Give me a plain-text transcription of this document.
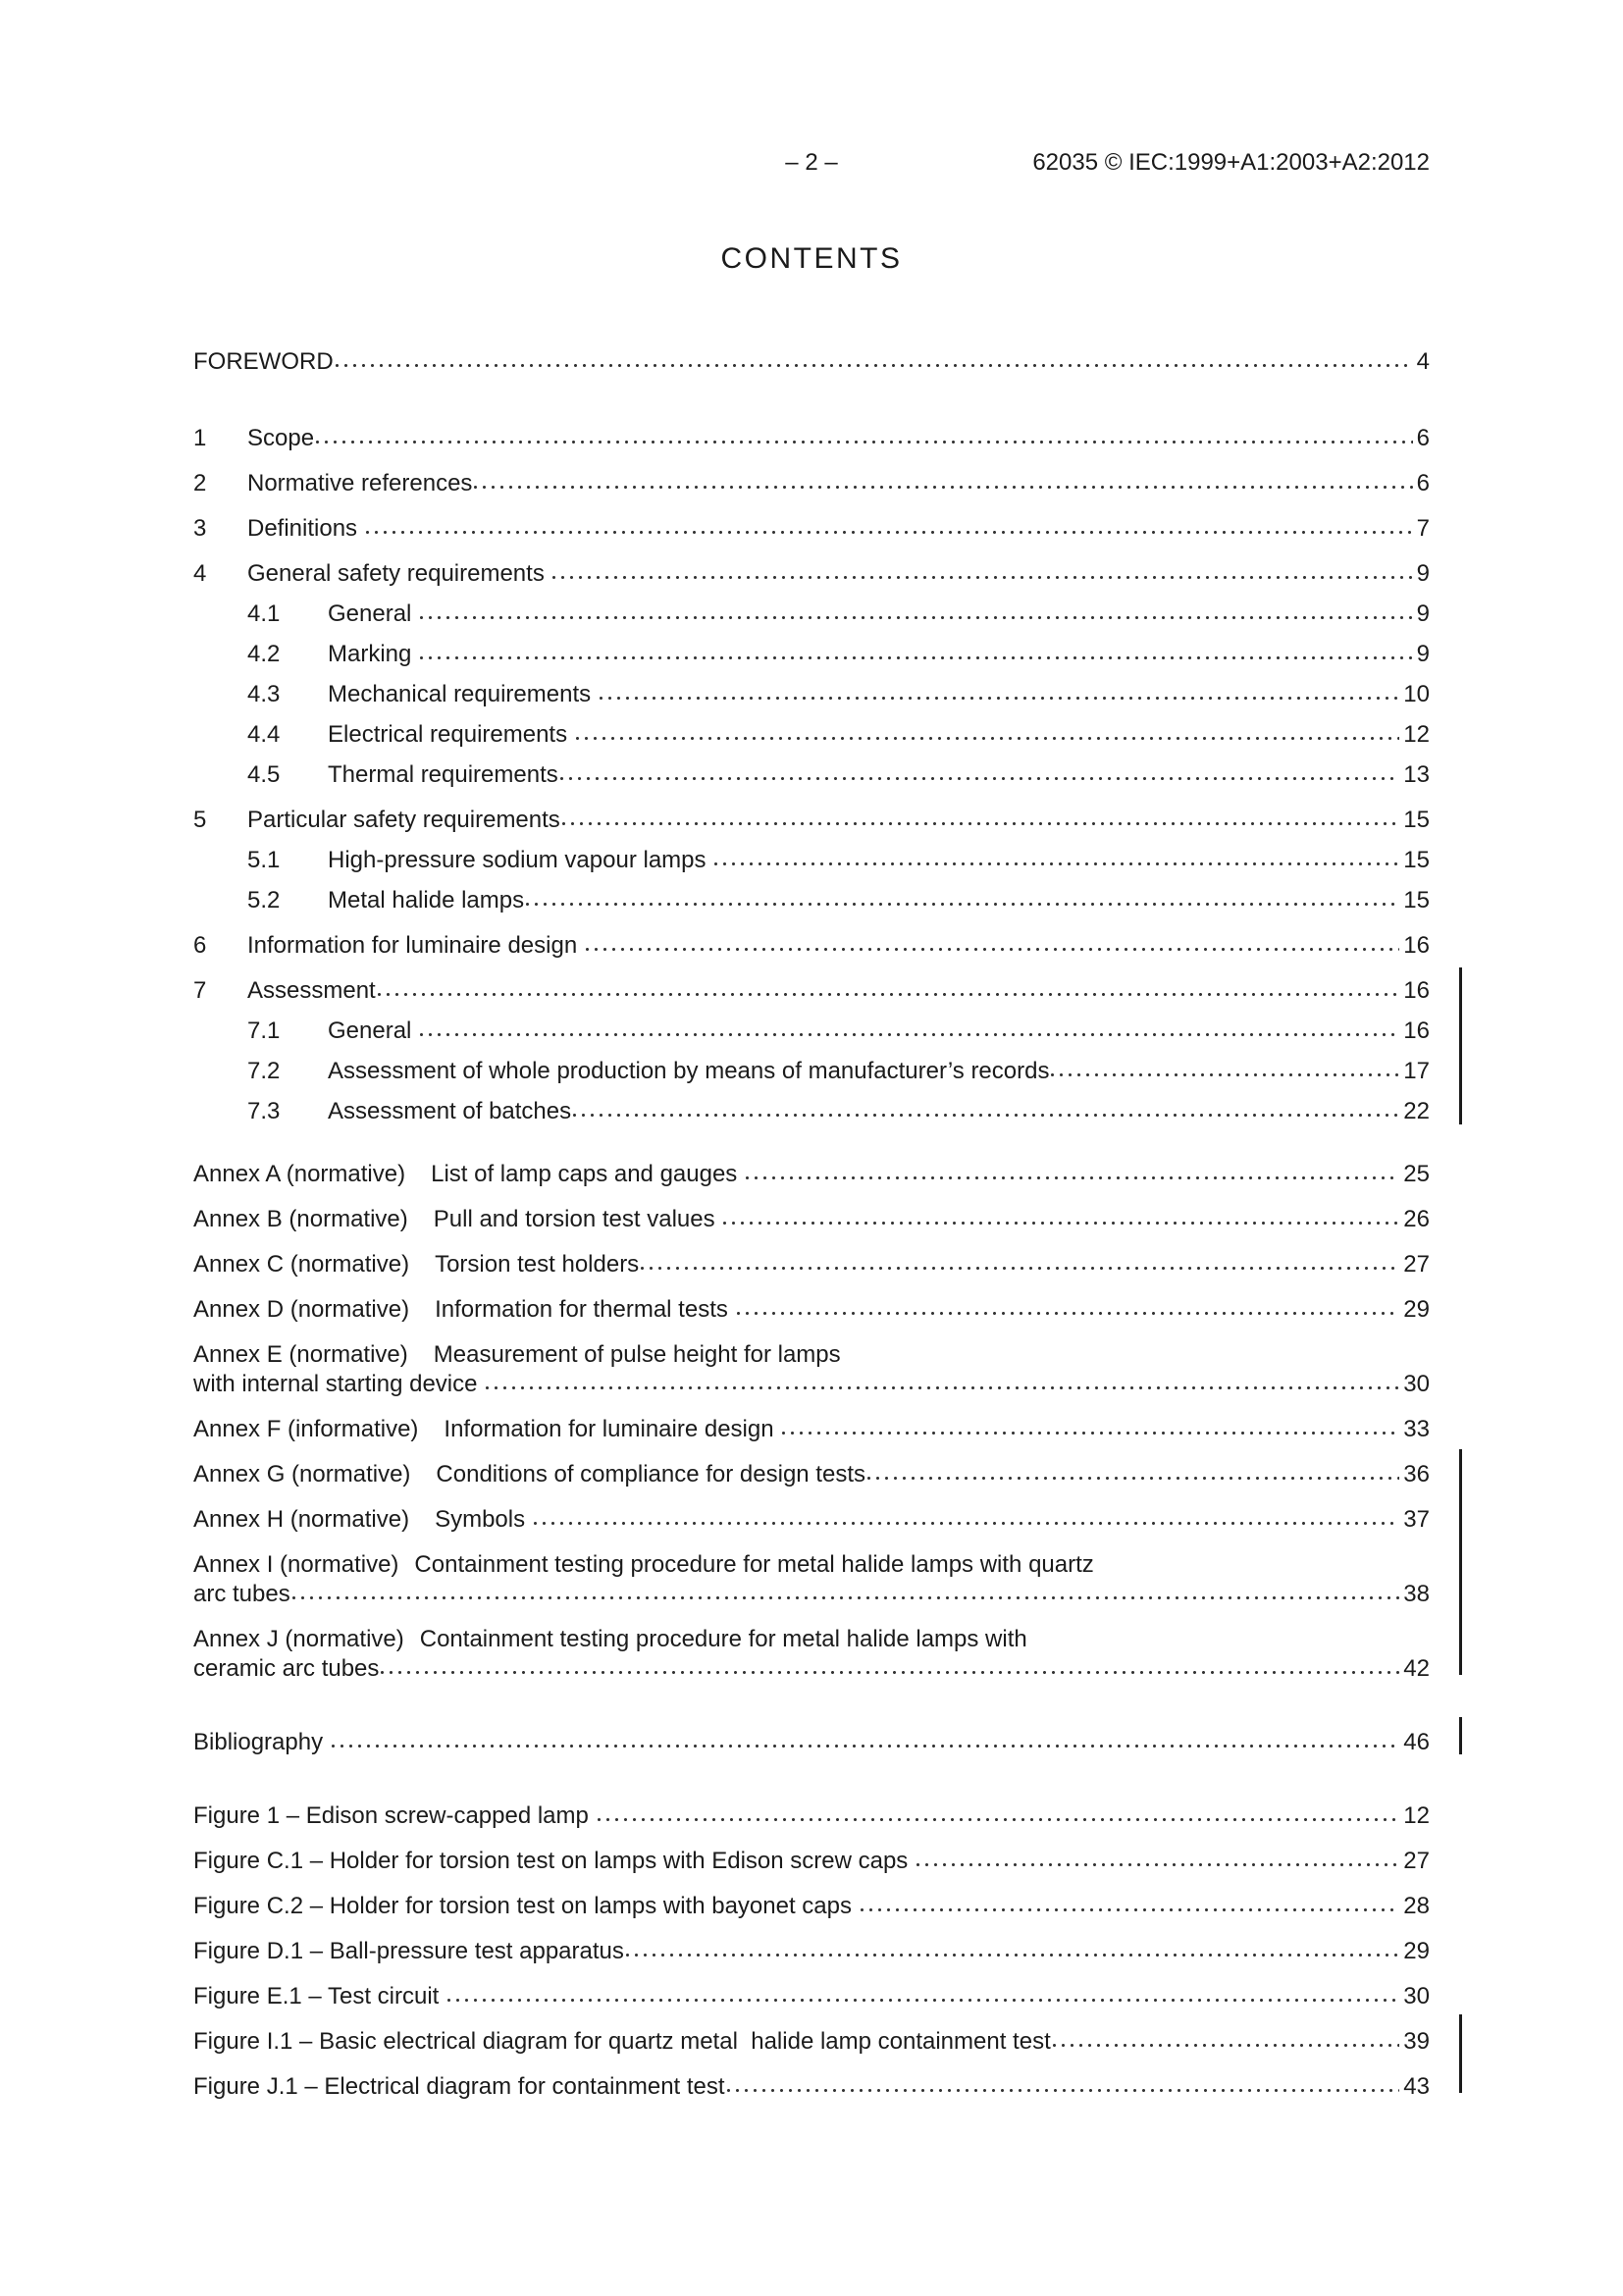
– 2 –	62035 © IEC:1999+A1:2003+A2:2012
CONTENTS
FOREWORD	4
1	Scope	6
2	Normative references	6
3	Definitions	7
4	General safety requirements	9
4.1	General	9
4.2	Marking	9
4.3	Mechanical requirements	10
4.4	Electrical requirements	12
4.5	Thermal requirements	13
5	Particular safety requirements	15
5.1	High-pressure sodium vapour lamps	15
5.2	Metal halide lamps	15
6	Information for luminaire design	16
7	Assessment	16
7.1	General	16
7.2	Assessment of whole production by means of manufacturer’s records	17
7.3	Assessment of batches	22
Annex A (normative) List of lamp caps and gauges	25
Annex B (normative) Pull and torsion test values	26
Annex C (normative) Torsion test holders	27
Annex D (normative) Information for thermal tests	29
Annex E (normative) Measurement of pulse height for lamps
with internal starting device	30
Annex F (informative) Information for luminaire design	33
Annex G (normative) Conditions of compliance for design tests	36
Annex H (normative) Symbols	37
Annex I (normative) Containment testing procedure for metal halide lamps with quartz
arc tubes	38
Annex J (normative) Containment testing procedure for metal halide lamps with
ceramic arc tubes	42
Bibliography	46
Figure 1 – Edison screw-capped lamp	12
Figure C.1 – Holder for torsion test on lamps with Edison screw caps	27
Figure C.2 – Holder for torsion test on lamps with bayonet caps	28
Figure D.1 – Ball-pressure test apparatus	29
Figure E.1 – Test circuit	30
Figure I.1 – Basic electrical diagram for quartz metal  halide lamp containment test	39
Figure J.1 – Electrical diagram for containment test	43
